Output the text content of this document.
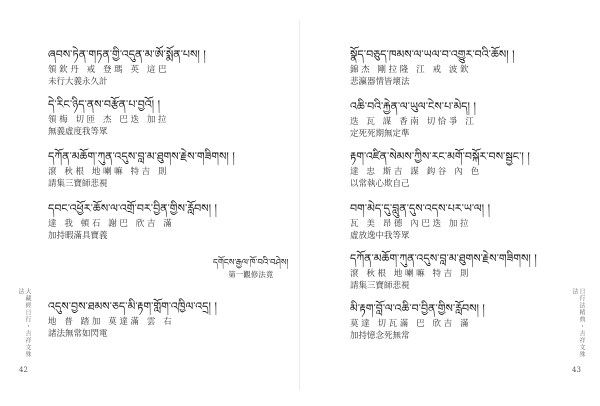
ཞབས་ཏེན་གཏན་གྱི་འདུན་མ་ཨོ་སྨོན་པས། །
領欽丹 戒 登瑪 英 這巴
未行大義永久計
དེ་རིང་ཉིད་ནས་བརྩོན་པ་བྱའོ། །
領梅 切匝 杰 巴迭 加拉
無義虛度我等眾
དཀོན་མཆོག་ཀུན་འདུས་བླ་མ་ཐུགས་རྗེས་གཟིགས། །
滾 秋根 地喇嘛 特吉 則
請集三寶師悲視
དབང་འཕྱོར་ཆོས་ལ་འགྲོ་བར་བྱིན་གྱིས་རློབས། །
達 我 頓石 謝巴 欣吉 滿
加持暇滿具寶義
འདུས་བྱས་ཐམས་ཅད་མི་རྟག་གློག་འཁྱིལ་འདྲ། །
地 普 踏加 莫達滿 雲 右
諸法無常如閃電
大藏經日行・吉祥文殊法
42
དགོངས་རྒྱལ་ཁོ་བའི་བཤེས།
第一觀修法竟
སྣོད་བཅུད་ཁམས་ལ་ཡལ་བ་འགྱུར་བའི་ཆོས། །
錦杰 剛拉隆 江 戒 波欽
悲瀛器情皆壞法
འཆི་བའི་རྐྱེན་ལ་ཡུལ་ངེས་པ་མེད། །
迭 瓦 謀 香南 切恰爭 江
定死死期無定準
རྟག་འཛིན་སེམས་ཀྱིས་རང་མགོ་བསྐོར་བས་སྦྱང་། །
達 忠 斯吉 謀 鈎谷 內 色
以常執心欺自己
བག་མེད་དུ་བླུན་དུས་འདས་པར་ཡ་ལ། །
瓦 美 昂德 內巴迭 加拉
虛放逸中我等眾
དཀོན་མཆོག་ཀུན་འདུས་བླ་མ་ཐུགས་རྗེས་གཟིགས། །
滾 秋根 地喇嘛 特吉 則
請集三寶師悲視
མི་རྟག་བློ་ལ་འཆི་བ་བྱིན་གྱིས་རློབས། །
莫達 切瓦滿 巴 欣吉 滿
加持憶念死無常	日行法精典・吉祥文殊法
43
